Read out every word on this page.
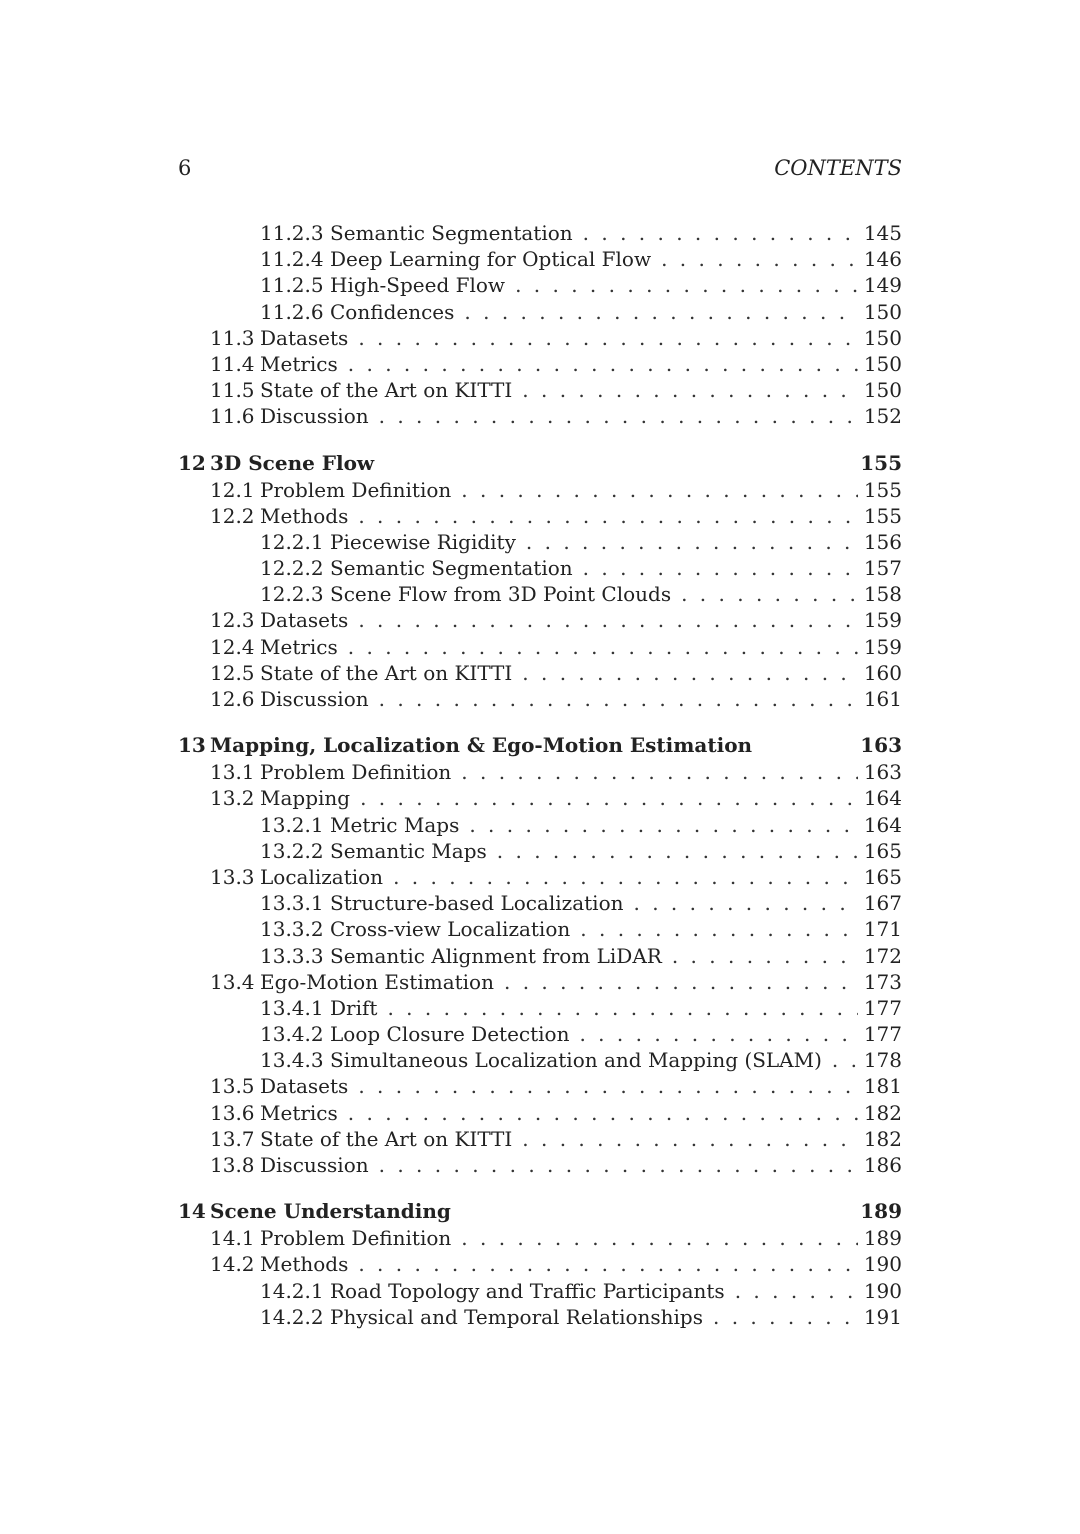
6	CONTENTS
11.2.3 Semantic Segmentation . . .	145
11.2.4 Deep Learning for Optical Flow . . .	146
11.2.5 High-Speed Flow . . .	149
11.2.6 Confidences . . .	150
11.3 Datasets . . .	150
11.4 Metrics . . .	150
11.5 State of the Art on KITTI . . .	150
11.6 Discussion . . .	152
12 3D Scene Flow	155
12.1 Problem Definition . . .	155
12.2 Methods . . .	155
12.2.1 Piecewise Rigidity . . .	156
12.2.2 Semantic Segmentation . . .	157
12.2.3 Scene Flow from 3D Point Clouds . . .	158
12.3 Datasets . . .	159
12.4 Metrics . . .	159
12.5 State of the Art on KITTI . . .	160
12.6 Discussion . . .	161
13 Mapping, Localization & Ego-Motion Estimation	163
13.1 Problem Definition . . .	163
13.2 Mapping . . .	164
13.2.1 Metric Maps . . .	164
13.2.2 Semantic Maps . . .	165
13.3 Localization . . .	165
13.3.1 Structure-based Localization . . .	167
13.3.2 Cross-view Localization . . .	171
13.3.3 Semantic Alignment from LiDAR . . .	172
13.4 Ego-Motion Estimation . . .	173
13.4.1 Drift . . .	177
13.4.2 Loop Closure Detection . . .	177
13.4.3 Simultaneous Localization and Mapping (SLAM) . . . 178
13.5 Datasets . . .	181
13.6 Metrics . . .	182
13.7 State of the Art on KITTI . . .	182
13.8 Discussion . . .	186
14 Scene Understanding	189
14.1 Problem Definition . . .	189
14.2 Methods . . .	190
14.2.1 Road Topology and Traffic Participants . . .	190
14.2.2 Physical and Temporal Relationships . . .	191
